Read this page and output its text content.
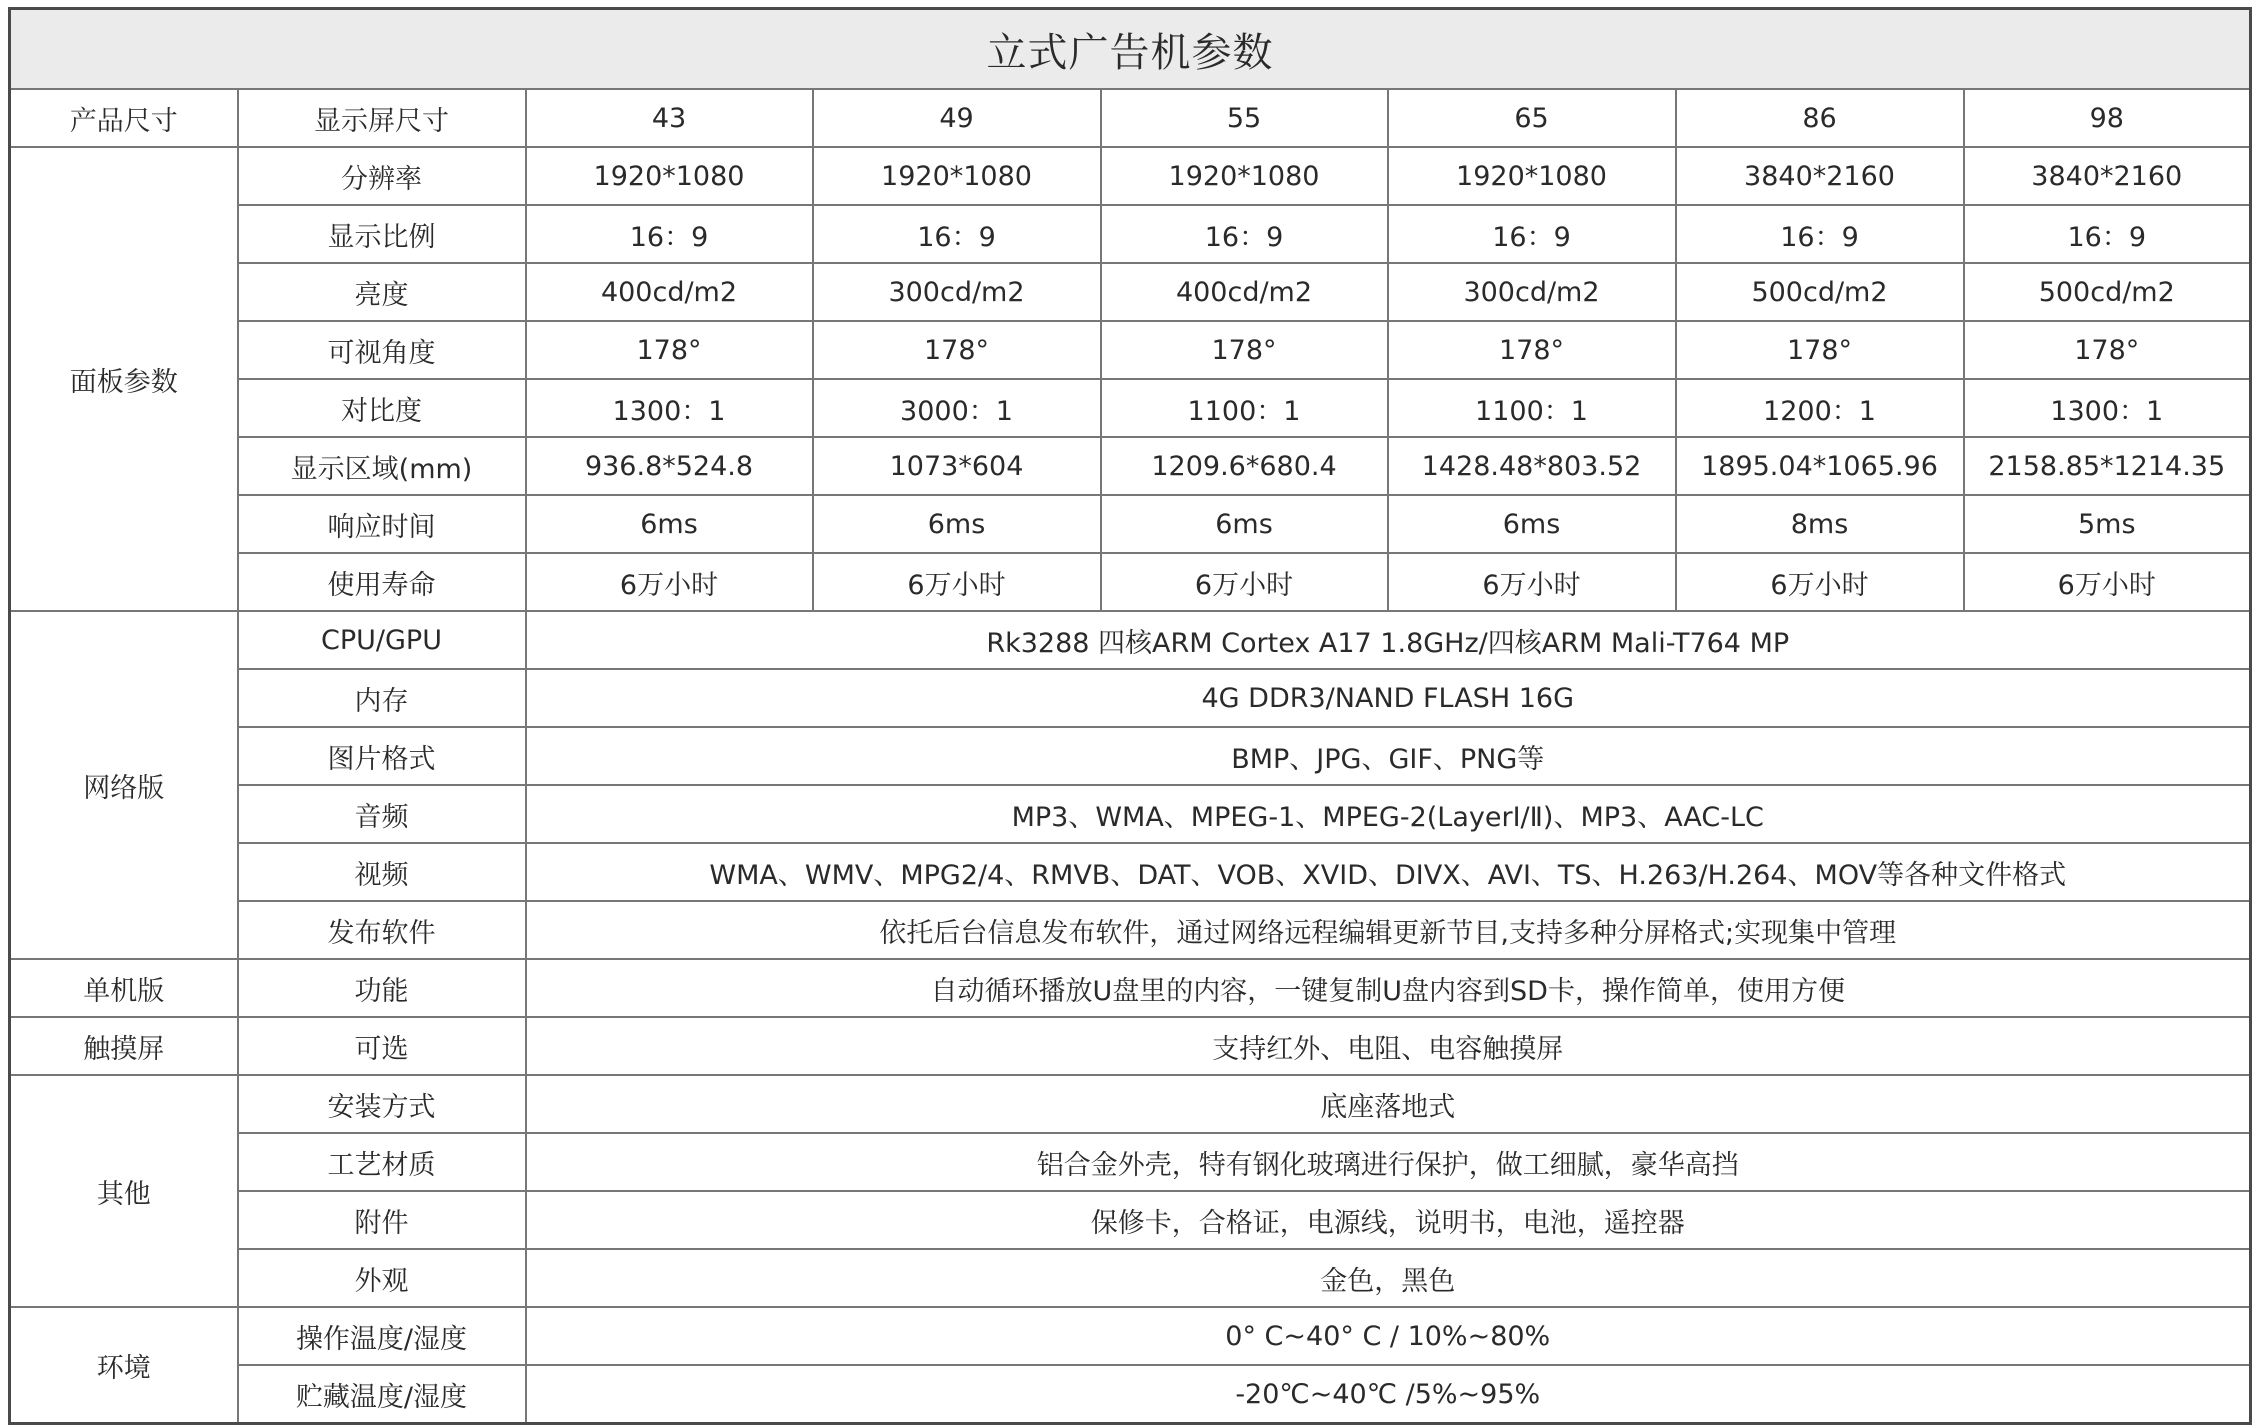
立式广告机参数							
产品尺寸	显示屏尺寸	43	49	55	65	86	98
面板参数	分辨率	1920*1080	1920*1080	1920*1080	1920*1080	3840*2160	3840*2160
	显示比例	16：9	16：9	16：9	16：9	16：9	16：9
	亮度	400cd/m2	300cd/m2	400cd/m2	300cd/m2	500cd/m2	500cd/m2
	可视角度	178°	178°	178°	178°	178°	178°
	对比度	1300：1	3000：1	1100：1	1100：1	1200：1	1300：1
	显示区域(mm)	936.8*524.8	1073*604	1209.6*680.4	1428.48*803.52	1895.04*1065.96	2158.85*1214.35
	响应时间	6ms	6ms	6ms	6ms	8ms	5ms
	使用寿命	6万小时	6万小时	6万小时	6万小时	6万小时	6万小时
网络版	CPU/GPU	Rk3288 四核ARM Cortex A17 1.8GHz/四核ARM Mali-T764 MP					
	内存	4G DDR3/NAND FLASH 16G					
	图片格式	BMP、JPG、GIF、PNG等					
	音频	MP3、WMA、MPEG-1、MPEG-2(LayerI/Ⅱ)、MP3、AAC-LC					
	视频	WMA、WMV、MPG2/4、RMVB、DAT、VOB、XVID、DIVX、AVI、TS、H.263/H.264、MOV等各种文件格式					
	发布软件	依托后台信息发布软件，通过网络远程编辑更新节目,支持多种分屏格式;实现集中管理					
单机版	功能	自动循环播放U盘里的内容，一键复制U盘内容到SD卡，操作简单，使用方便					
触摸屏	可选	支持红外、电阻、电容触摸屏					
其他	安装方式	底座落地式					
	工艺材质	铝合金外壳，特有钢化玻璃进行保护，做工细腻，豪华高挡					
	附件	保修卡，合格证，电源线，说明书，电池，遥控器					
	外观	金色，黑色					
环境	操作温度/湿度	0° C~40° C / 10%~80%					
	贮藏温度/湿度	-20℃~40℃ /5%~95%					
